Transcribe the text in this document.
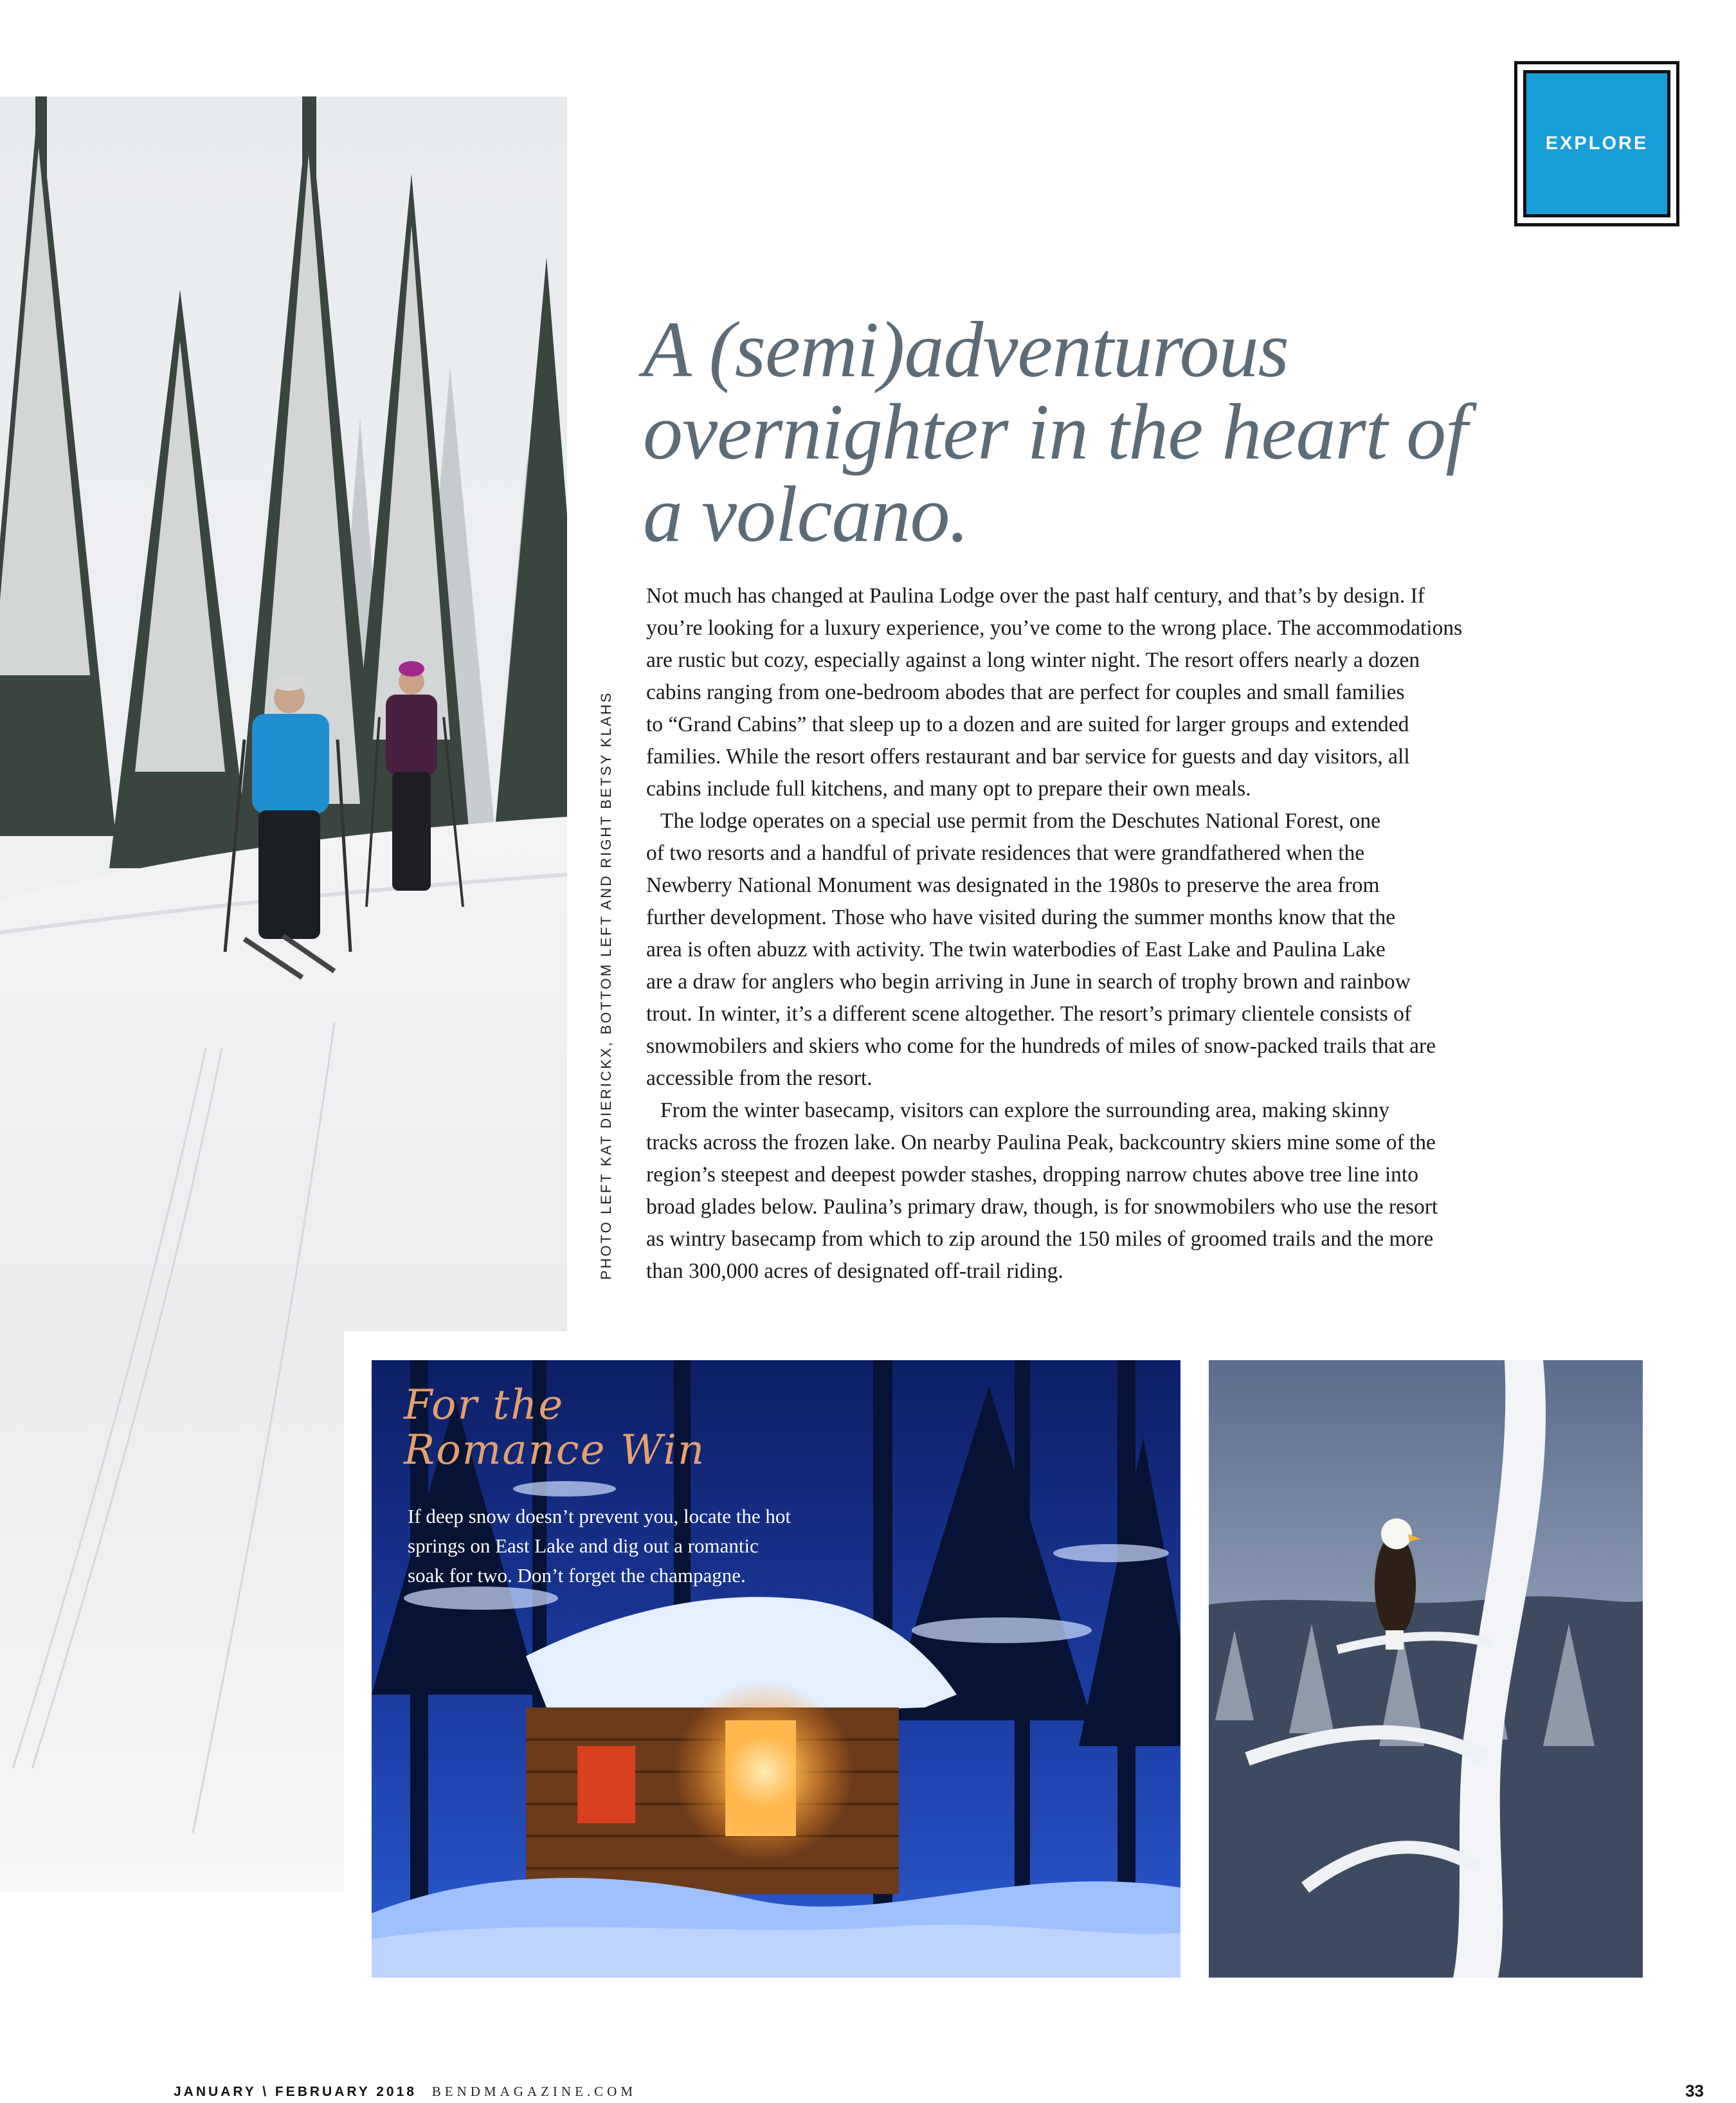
EXPLORE
PHOTO LEFT KAT DIERICKX, BOTTOM LEFT AND RIGHT BETSY KLAHS
A (semi)adventurous
overnighter in the heart of
a volcano.

Not much has changed at Paulina Lodge over the past half century, and that’s by design. If

you’re looking for a luxury experience, you’ve come to the wrong place. The accommodations

are rustic but cozy, especially against a long winter night. The resort offers nearly a dozen

cabins ranging from one-bedroom abodes that are perfect for couples and small families

to “Grand Cabins” that sleep up to a dozen and are suited for larger groups and extended

families. While the resort offers restaurant and bar service for guests and day visitors, all

cabins include full kitchens, and many opt to prepare their own meals.

The lodge operates on a special use permit from the Deschutes National Forest, one

of two resorts and a handful of private residences that were grandfathered when the

Newberry National Monument was designated in the 1980s to preserve the area from

further development. Those who have visited during the summer months know that the

area is often abuzz with activity. The twin waterbodies of East Lake and Paulina Lake

are a draw for anglers who begin arriving in June in search of trophy brown and rainbow

trout. In winter, it’s a different scene altogether. The resort’s primary clientele consists of

snowmobilers and skiers who come for the hundreds of miles of snow-packed trails that are

accessible from the resort.

From the winter basecamp, visitors can explore the surrounding area, making skinny

tracks across the frozen lake. On nearby Paulina Peak, backcountry skiers mine some of the

region’s steepest and deepest powder stashes, dropping narrow chutes above tree line into

broad glades below. Paulina’s primary draw, though, is for snowmobilers who use the resort

as wintry basecamp from which to zip around the 150 miles of groomed trails and the more

than 300,000 acres of designated off-trail riding.

For the
Romance Win

If deep snow doesn’t prevent you, locate the hot

springs on East Lake and dig out a romantic

soak for two. Don’t forget the champagne.

JANUARY \ FEBRUARY 2018 BENDMAGAZINE.COM	33
